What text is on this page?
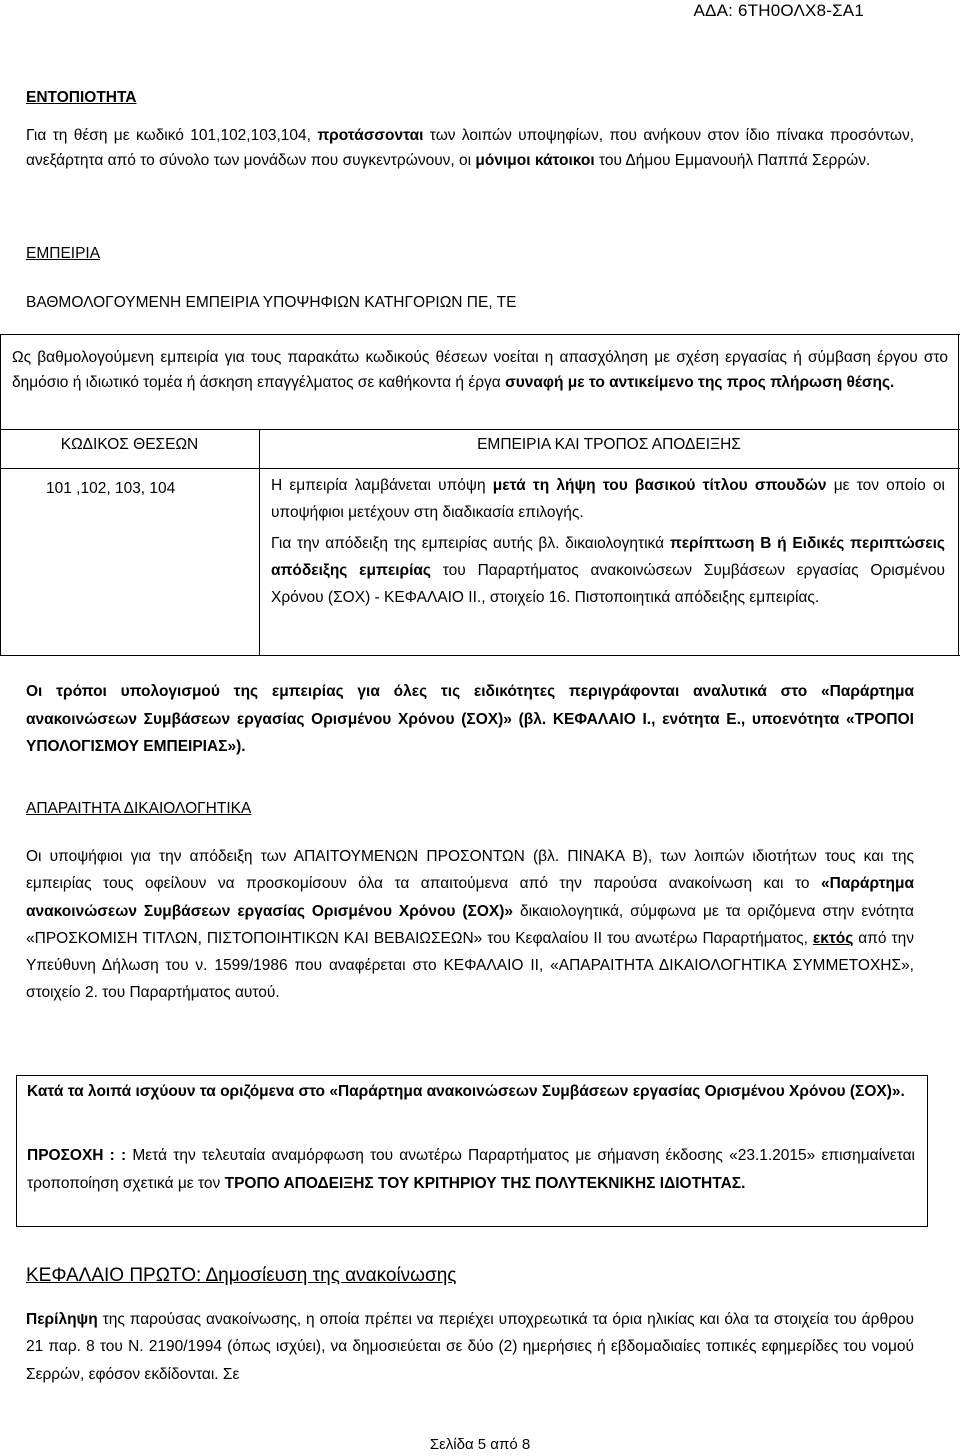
ΑΔΑ: 6ΤΗ0ΟΛΧ8-ΣΑ1
ΕΝΤΟΠΙΟΤΗΤΑ
Για τη θέση με κωδικό 101,102,103,104, προτάσσονται των λοιπών υποψηφίων, που ανήκουν στον ίδιο πίνακα προσόντων, ανεξάρτητα από το σύνολο των μονάδων που συγκεντρώνουν, οι μόνιμοι κάτοικοι του Δήμου Εμμανουήλ Παππά Σερρών.
ΕΜΠΕΙΡΙΑ
ΒΑΘΜΟΛΟΓΟΥΜΕΝΗ ΕΜΠΕΙΡΙΑ ΥΠΟΨΗΦΙΩΝ ΚΑΤΗΓΟΡΙΩΝ ΠΕ, ΤΕ
Ως βαθμολογούμενη εμπειρία για τους παρακάτω κωδικούς θέσεων νοείται η απασχόληση με σχέση εργασίας ή σύμβαση έργου στο δημόσιο ή ιδιωτικό τομέα ή άσκηση επαγγέλματος σε καθήκοντα ή έργα συναφή με το αντικείμενο της προς πλήρωση θέσης.
ΚΩΔΙΚΟΣ ΘΕΣΕΩΝ	ΕΜΠΕΙΡΙΑ ΚΑΙ ΤΡΟΠΟΣ ΑΠΟΔΕΙΞΗΣ
101 ,102, 103, 104	Η εμπειρία λαμβάνεται υπόψη μετά τη λήψη του βασικού τίτλου σπουδών με τον οποίο οι υποψήφιοι μετέχουν στη διαδικασία επιλογής.
Για την απόδειξη της εμπειρίας αυτής βλ. δικαιολογητικά περίπτωση Β ή Ειδικές περιπτώσεις απόδειξης εμπειρίας του Παραρτήματος ανακοινώσεων Συμβάσεων εργασίας Ορισμένου Χρόνου (ΣΟΧ) - ΚΕΦΑΛΑΙΟ ΙΙ., στοιχείο 16. Πιστοποιητικά απόδειξης εμπειρίας.
Οι τρόποι υπολογισμού της εμπειρίας για όλες τις ειδικότητες περιγράφονται αναλυτικά στο «Παράρτημα ανακοινώσεων Συμβάσεων εργασίας Ορισμένου Χρόνου (ΣΟΧ)» (βλ. ΚΕΦΑΛΑΙΟ Ι., ενότητα Ε., υποενότητα «ΤΡΟΠΟΙ ΥΠΟΛΟΓΙΣΜΟΥ ΕΜΠΕΙΡΙΑΣ»).
ΑΠΑΡΑΙΤΗΤΑ ΔΙΚΑΙΟΛΟΓΗΤΙΚΑ
Οι υποψήφιοι για την απόδειξη των ΑΠΑΙΤΟΥΜΕΝΩΝ ΠΡΟΣΟΝΤΩΝ (βλ. ΠΙΝΑΚΑ Β), των λοιπών ιδιοτήτων τους και της εμπειρίας τους οφείλουν να προσκομίσουν όλα τα απαιτούμενα από την παρούσα ανακοίνωση και το «Παράρτημα ανακοινώσεων Συμβάσεων εργασίας Ορισμένου Χρόνου (ΣΟΧ)» δικαιολογητικά, σύμφωνα με τα οριζόμενα στην ενότητα «ΠΡΟΣΚΟΜΙΣΗ ΤΙΤΛΩΝ, ΠΙΣΤΟΠΟΙΗΤΙΚΩΝ ΚΑΙ ΒΕΒΑΙΩΣΕΩΝ» του Κεφαλαίου ΙΙ του ανωτέρω Παραρτήματος, εκτός από την Υπεύθυνη Δήλωση του ν. 1599/1986 που αναφέρεται στο ΚΕΦΑΛΑΙΟ ΙΙ, «ΑΠΑΡΑΙΤΗΤΑ ΔΙΚΑΙΟΛΟΓΗΤΙΚΑ ΣΥΜΜΕΤΟΧΗΣ», στοιχείο 2. του Παραρτήματος αυτού.
Κατά τα λοιπά ισχύουν τα οριζόμενα στο «Παράρτημα ανακοινώσεων Συμβάσεων εργασίας Ορισμένου Χρόνου (ΣΟΧ)».
ΠΡΟΣΟΧΗ : : Μετά την τελευταία αναμόρφωση του ανωτέρω Παραρτήματος με σήμανση έκδοσης «23.1.2015» επισημαίνεται τροποποίηση σχετικά με τον ΤΡΟΠΟ ΑΠΟΔΕΙΞΗΣ ΤΟΥ ΚΡΙΤΗΡΙΟΥ ΤΗΣ ΠΟΛΥΤΕΚΝΙΚΗΣ ΙΔΙΟΤΗΤΑΣ.
ΚΕΦΑΛΑΙΟ ΠΡΩΤΟ: Δημοσίευση της ανακοίνωσης
Περίληψη της παρούσας ανακοίνωσης, η οποία πρέπει να περιέχει υποχρεωτικά τα όρια ηλικίας και όλα τα στοιχεία του άρθρου 21 παρ. 8 του Ν. 2190/1994 (όπως ισχύει), να δημοσιεύεται σε δύο (2) ημερήσιες ή εβδομαδιαίες τοπικές εφημερίδες του νομού Σερρών, εφόσον εκδίδονται. Σε
Σελίδα 5 από 8
